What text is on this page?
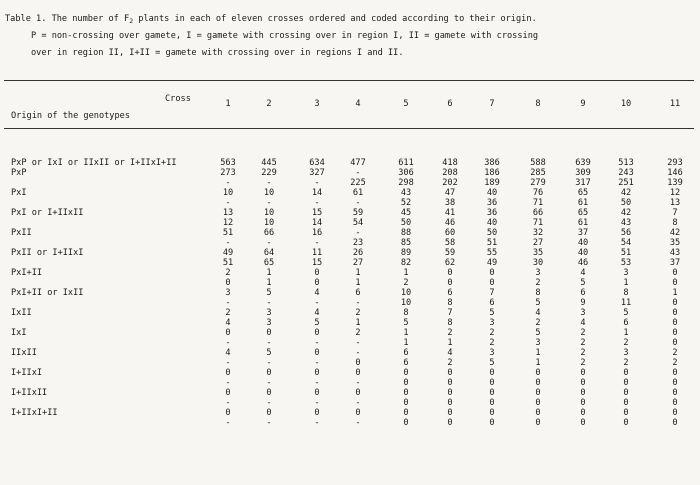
Table 1. The number of $F_2$ plants in each of eleven crosses ordered and coded according to their origin.
P = non-crossing over gamete, I = gamete with crossing over in region I, II = gamete with crossing
over in region II, I+II = gamete with crossing over in regions I and II.
Cross	1	2	3	4	5	6	7	8	9	10	11
Origin of the genotypes
PxP or IxI or IIxII or I+IIxI+II	563	445	634	477	611	418	386	588	639	513	293
PxP	273	229	327	-	306	208	186	285	309	243	146
	-	-	-	225	298	202	189	279	317	251	139
PxI	10	10	14	61	43	47	40	76	65	42	12
	-	-	-	-	52	38	36	71	61	50	13
PxI or I+IIxII	13	10	15	59	45	41	36	66	65	42	7
	12	10	14	54	50	46	40	71	61	43	8
PxII	51	66	16	-	88	60	50	32	37	56	42
	-	-	-	23	85	58	51	27	40	54	35
PxII or I+IIxI	49	64	11	26	89	59	55	35	40	51	43
	51	65	15	27	82	62	49	30	46	53	37
PxI+II	2	1	0	1	1	0	0	3	4	3	0
	0	1	0	1	2	0	0	2	5	1	0
PxI+II or IxII	3	5	4	6	10	6	7	8	6	8	1
	-	-	-	-	10	8	6	5	9	11	0
IxII	2	3	4	2	8	7	5	4	3	5	0
	4	3	5	1	5	8	3	2	4	6	0
IxI	0	0	0	2	1	2	2	5	2	1	0
	-	-	-	-	1	1	2	3	2	2	0
IIxII	4	5	0	-	6	4	3	1	2	3	2
	-	-	-	0	6	2	5	1	2	2	2
I+IIxI	0	0	0	0	0	0	0	0	0	0	0
	-	-	-	-	0	0	0	0	0	0	0
I+IIxII	0	0	0	0	0	0	0	0	0	0	0
	-	-	-	-	0	0	0	0	0	0	0
I+IIxI+II	0	0	0	0	0	0	0	0	0	0	0
	-	-	-	-	0	0	0	0	0	0	0
